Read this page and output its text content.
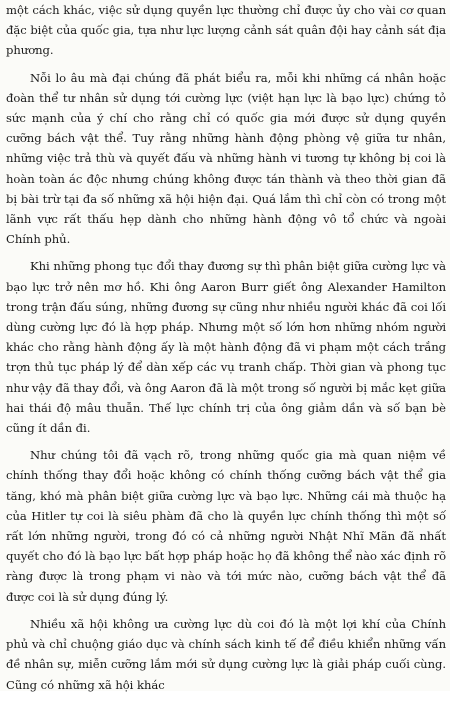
một cách khác, việc sử dụng quyền lực thường chỉ được ủy cho vài cơ quan đặc biệt của quốc gia, tựa như lực lượng cảnh sát quân đội hay cảnh sát địa phương.

Nỗi lo âu mà đại chúng đã phát biểu ra, mỗi khi những cá nhân hoặc đoàn thể tư nhân sử dụng tới cường lực (việt hạn lực là bạo lực) chứng tỏ sức mạnh của ý chí cho rằng chỉ có quốc gia mới được sử dụng quyền cưỡng bách vật thể. Tuy rằng những hành động phòng vệ giữa tư nhân, những việc trả thù và quyết đấu và những hành vi tương tự không bị coi là hoàn toàn ác độc nhưng chúng không được tán thành và theo thời gian đã bị bài trừ tại đa số những xã hội hiện đại. Quá lắm thì chỉ còn có trong một lãnh vực rất thấu hẹp dành cho những hành động vô tổ chức và ngoài Chính phủ.

Khi những phong tục đổi thay đương sự thì phân biệt giữa cường lực và bạo lực trở nên mơ hồ. Khi ông Aaron Burr giết ông Alexander Hamilton trong trận đấu súng, những đương sự cũng như nhiều người khác đã coi lối dùng cường lực đó là hợp pháp. Nhưng một số lớn hơn những nhóm người khác cho rằng hành động ấy là một hành động đã vi phạm một cách trắng trợn thủ tục pháp lý để dàn xếp các vụ tranh chấp. Thời gian và phong tục như vậy đã thay đổi, và ông Aaron đã là một trong số người bị mắc kẹt giữa hai thái độ mâu thuẫn. Thế lực chính trị của ông giảm dần và số bạn bè cũng ít dần đi.

Như chúng tôi đã vạch rõ, trong những quốc gia mà quan niệm về chính thống thay đổi hoặc không có chính thống cưỡng bách vật thể gia tăng, khó mà phân biệt giữa cường lực và bạo lực. Những cái mà thuộc hạ của Hitler tự coi là siêu phàm đã cho là quyền lực chính thống thì một số rất lớn những người, trong đó có cả những người Nhật Nhĩ Mãn đã nhất quyết cho đó là bạo lực bất hợp pháp hoặc họ đã không thể nào xác định rõ ràng được là trong phạm vi nào và tới mức nào, cưỡng bách vật thể đã được coi là sử dụng đúng lý.

Nhiều xã hội không ưa cường lực dù coi đó là một lợi khí của Chính phủ và chỉ chuộng giáo dục và chính sách kinh tế để điều khiển những vấn đề nhân sự, miễn cưỡng lắm mới sử dụng cường lực là giải pháp cuối cùng. Cũng có những xã hội khác
